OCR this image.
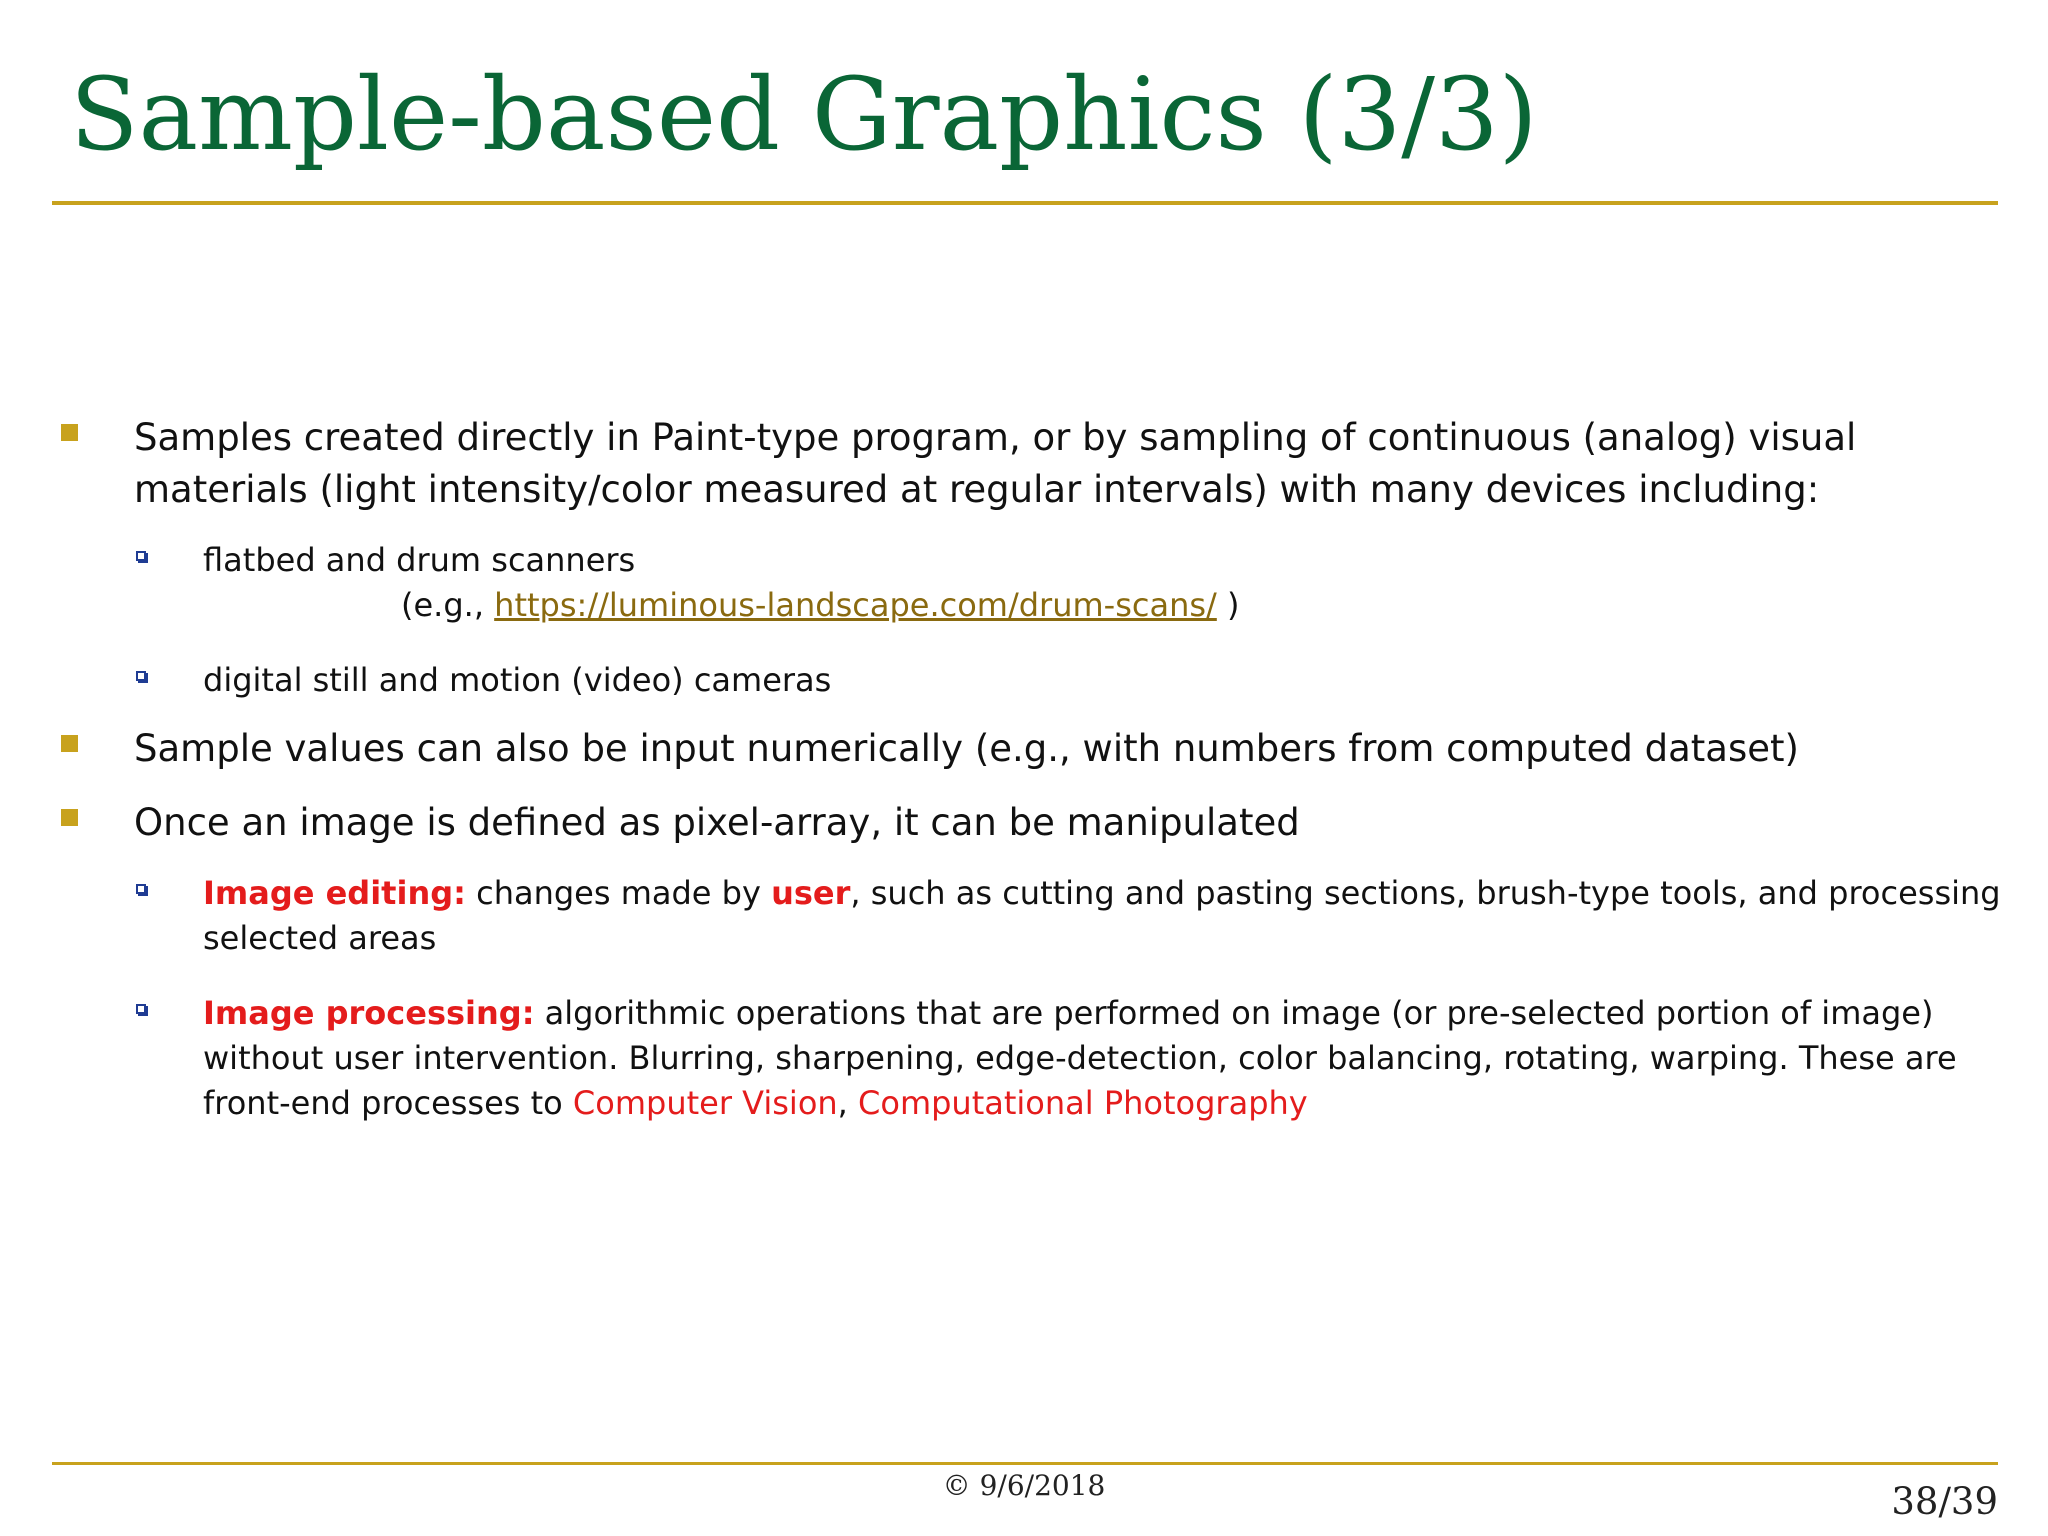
Sample-based Graphics (3/3)
Samples created directly in Paint-type program, or by sampling of continuous (analog) visual materials (light intensity/color measured at regular intervals) with many devices including:
flatbed and drum scanners
(e.g., https://luminous-landscape.com/drum-scans/ )
digital still and motion (video) cameras
Sample values can also be input numerically (e.g., with numbers from computed dataset)
Once an image is defined as pixel-array, it can be manipulated
Image editing: changes made by user, such as cutting and pasting sections, brush-type tools, and processing selected areas
Image processing: algorithmic operations that are performed on image (or pre-selected portion of image) without user intervention. Blurring, sharpening, edge-detection, color balancing, rotating, warping. These are front-end processes to Computer Vision, Computational Photography
© 9/6/2018	38/39
